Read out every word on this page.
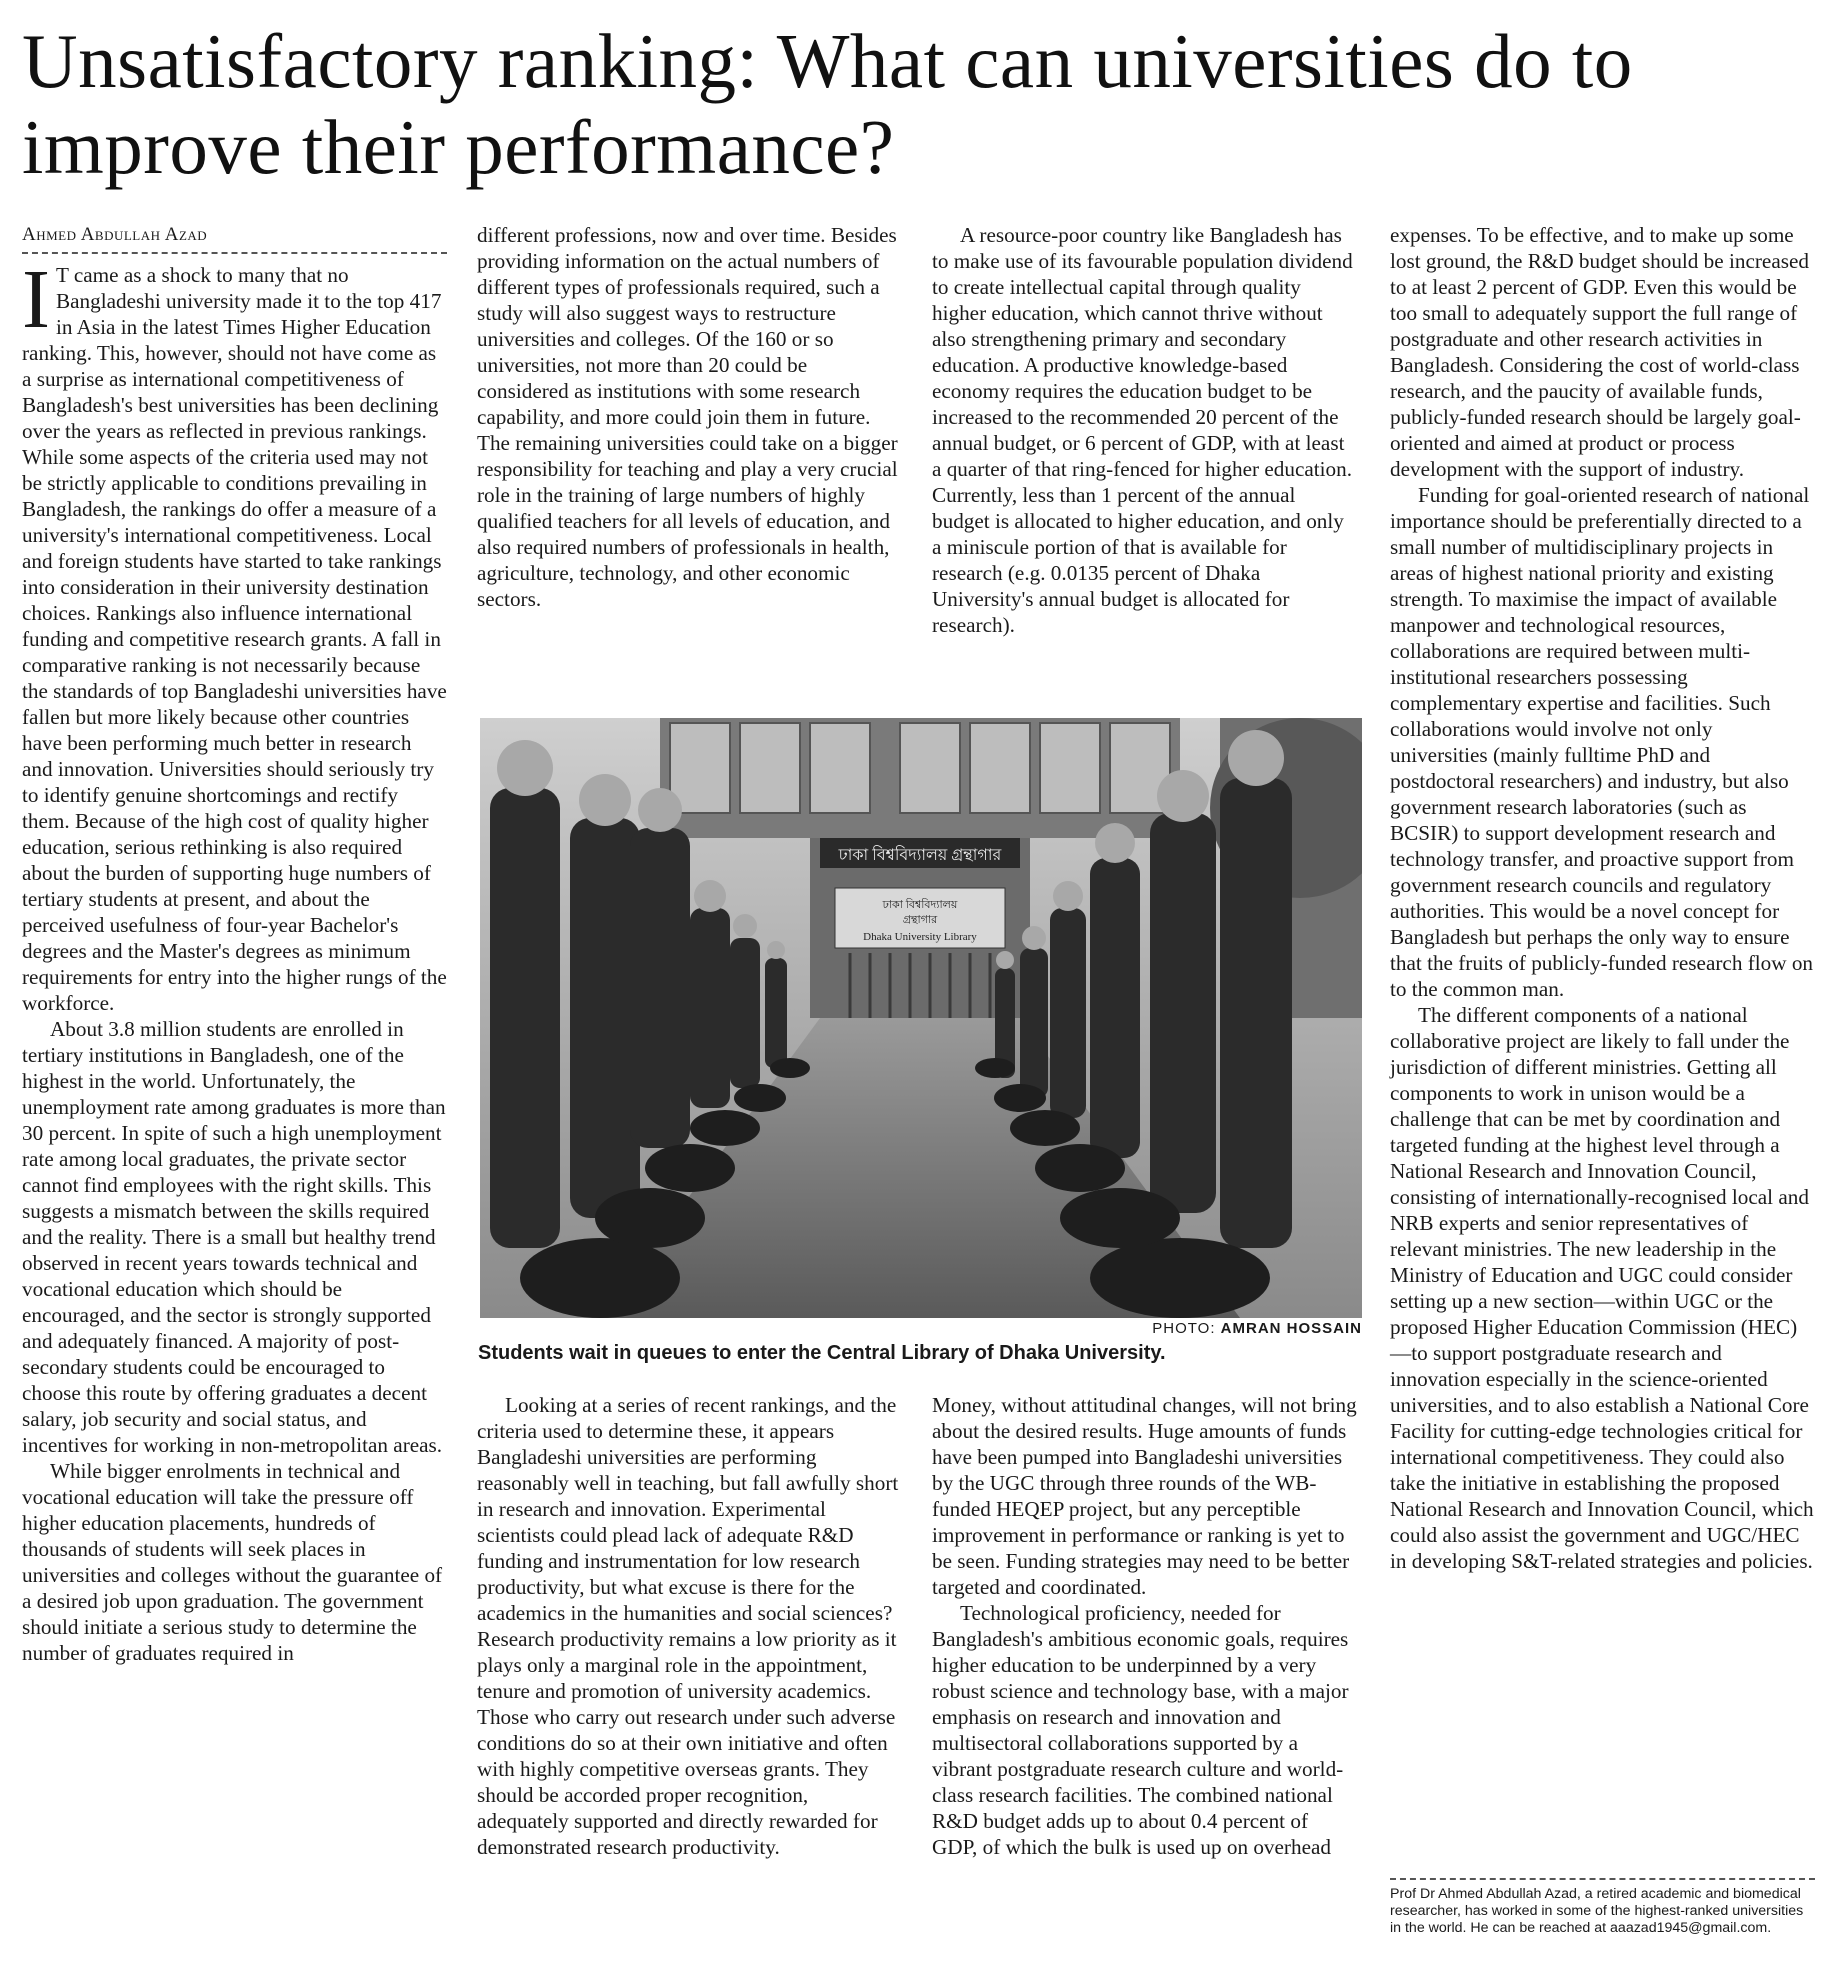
Unsatisfactory ranking: What can universities do to improve their performance?
Ahmed Abdullah Azad

I T came as a shock to many that no Bangladeshi university made it to the top 417 in Asia in the latest Times Higher Education ranking. This, however, should not have come as a surprise as international competitiveness of Bangladesh's best universities has been declining over the years as reflected in previous rankings. While some aspects of the criteria used may not be strictly applicable to conditions prevailing in Bangladesh, the rankings do offer a measure of a university's international competitiveness. Local and foreign students have started to take rankings into consideration in their university destination choices. Rankings also influence international funding and competitive research grants. A fall in comparative ranking is not necessarily because the standards of top Bangladeshi universities have fallen but more likely because other countries have been performing much better in research and innovation. Universities should seriously try to identify genuine shortcomings and rectify them. Because of the high cost of quality higher education, serious rethinking is also required about the burden of supporting huge numbers of tertiary students at present, and about the perceived usefulness of four-year Bachelor's degrees and the Master's degrees as minimum requirements for entry into the higher rungs of the workforce.

About 3.8 million students are enrolled in tertiary institutions in Bangladesh, one of the highest in the world. Unfortunately, the unemployment rate among graduates is more than 30 percent. In spite of such a high unemployment rate among local graduates, the private sector cannot find employees with the right skills. This suggests a mismatch between the skills required and the reality. There is a small but healthy trend observed in recent years towards technical and vocational education which should be encouraged, and the sector is strongly supported and adequately financed. A majority of post-secondary students could be encouraged to choose this route by offering graduates a decent salary, job security and social status, and incentives for working in non-metropolitan areas.

While bigger enrolments in technical and vocational education will take the pressure off higher education placements, hundreds of thousands of students will seek places in universities and colleges without the guarantee of a desired job upon graduation. The government should initiate a serious study to determine the number of graduates required in

different professions, now and over time. Besides providing information on the actual numbers of different types of professionals required, such a study will also suggest ways to restructure universities and colleges. Of the 160 or so universities, not more than 20 could be considered as institutions with some research capability, and more could join them in future. The remaining universities could take on a bigger responsibility for teaching and play a very crucial role in the training of large numbers of highly qualified teachers for all levels of education, and also required numbers of professionals in health, agriculture, technology, and other economic sectors.

A resource-poor country like Bangladesh has to make use of its favourable population dividend to create intellectual capital through quality higher education, which cannot thrive without also strengthening primary and secondary education. A productive knowledge-based economy requires the education budget to be increased to the recommended 20 percent of the annual budget, or 6 percent of GDP, with at least a quarter of that ring-fenced for higher education. Currently, less than 1 percent of the annual budget is allocated to higher education, and only a miniscule portion of that is available for research (e.g. 0.0135 percent of Dhaka University's annual budget is allocated for research).

ঢাকা বিশ্ববিদ্যালয় গ্রন্থাগার
ঢাকা বিশ্ববিদ্যালয়
গ্রন্থাগার
Dhaka University Library
PHOTO: AMRAN HOSSAIN
Students wait in queues to enter the Central Library of Dhaka University.

Looking at a series of recent rankings, and the criteria used to determine these, it appears Bangladeshi universities are performing reasonably well in teaching, but fall awfully short in research and innovation. Experimental scientists could plead lack of adequate R&D funding and instrumentation for low research productivity, but what excuse is there for the academics in the humanities and social sciences? Research productivity remains a low priority as it plays only a marginal role in the appointment, tenure and promotion of university academics. Those who carry out research under such adverse conditions do so at their own initiative and often with highly competitive overseas grants. They should be accorded proper recognition, adequately supported and directly rewarded for demonstrated research productivity.

Money, without attitudinal changes, will not bring about the desired results. Huge amounts of funds have been pumped into Bangladeshi universities by the UGC through three rounds of the WB-funded HEQEP project, but any perceptible improvement in performance or ranking is yet to be seen. Funding strategies may need to be better targeted and coordinated.

Technological proficiency, needed for Bangladesh's ambitious economic goals, requires higher education to be underpinned by a very robust science and technology base, with a major emphasis on research and innovation and multisectoral collaborations supported by a vibrant postgraduate research culture and world-class research facilities. The combined national R&D budget adds up to about 0.4 percent of GDP, of which the bulk is used up on overhead

expenses. To be effective, and to make up some lost ground, the R&D budget should be increased to at least 2 percent of GDP. Even this would be too small to adequately support the full range of postgraduate and other research activities in Bangladesh. Considering the cost of world-class research, and the paucity of available funds, publicly-funded research should be largely goal-oriented and aimed at product or process development with the support of industry.

Funding for goal-oriented research of national importance should be preferentially directed to a small number of multidisciplinary projects in areas of highest national priority and existing strength. To maximise the impact of available manpower and technological resources, collaborations are required between multi-institutional researchers possessing complementary expertise and facilities. Such collaborations would involve not only universities (mainly fulltime PhD and postdoctoral researchers) and industry, but also government research laboratories (such as BCSIR) to support development research and technology transfer, and proactive support from government research councils and regulatory authorities. This would be a novel concept for Bangladesh but perhaps the only way to ensure that the fruits of publicly-funded research flow on to the common man.

The different components of a national collaborative project are likely to fall under the jurisdiction of different ministries. Getting all components to work in unison would be a challenge that can be met by coordination and targeted funding at the highest level through a National Research and Innovation Council, consisting of internationally-recognised local and NRB experts and senior representatives of relevant ministries. The new leadership in the Ministry of Education and UGC could consider setting up a new section—within UGC or the proposed Higher Education Commission (HEC)—to support postgraduate research and innovation especially in the science-oriented universities, and to also establish a National Core Facility for cutting-edge technologies critical for international competitiveness. They could also take the initiative in establishing the proposed National Research and Innovation Council, which could also assist the government and UGC/HEC in developing S&T-related strategies and policies.

Prof Dr Ahmed Abdullah Azad, a retired academic and biomedical researcher, has worked in some of the highest-ranked universities in the world. He can be reached at aaazad1945@gmail.com.
